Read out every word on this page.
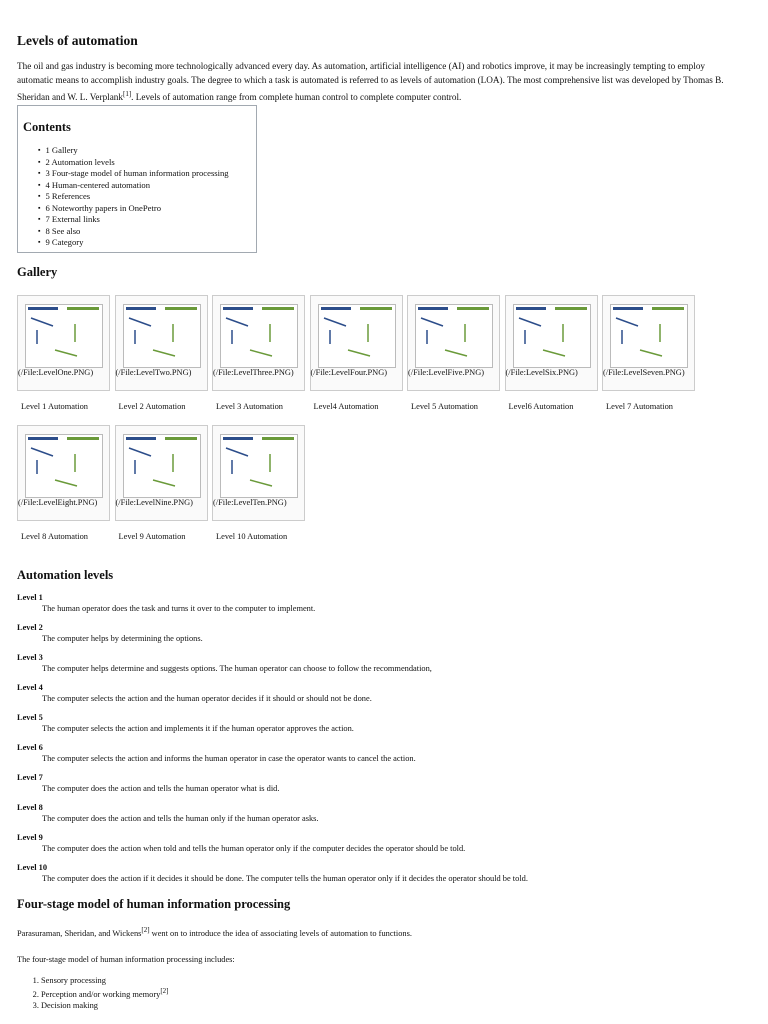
Levels of automation

The oil and gas industry is becoming more technologically advanced every day. As automation, artificial intelligence (AI) and robotics improve, it may be increasingly tempting to employ automatic means to accomplish industry goals. The degree to which a task is automated is referred to as levels of automation (LOA). The most comprehensive list was developed by Thomas B. Sheridan and W. L. Verplank[1]. Levels of automation range from complete human control to complete computer control.

Contents
▪ 1 Gallery
▪ 2 Automation levels
▪ 3 Four-stage model of human information processing
▪ 4 Human-centered automation
▪ 5 References
▪ 6 Noteworthy papers in OnePetro
▪ 7 External links
▪ 8 See also
▪ 9 Category
Gallery
(/File:LevelOne.PNG)
Level 1 Automation
(/File:LevelTwo.PNG)
Level 2 Automation
(/File:LevelThree.PNG)
Level 3 Automation
(/File:LevelFour.PNG)
Level4 Automation
(/File:LevelFive.PNG)
Level 5 Automation
(/File:LevelSix.PNG)
Level6 Automation
(/File:LevelSeven.PNG)
Level 7 Automation
(/File:LevelEight.PNG)
Level 8 Automation
(/File:LevelNine.PNG)
Level 9 Automation
(/File:LevelTen.PNG)
Level 10 Automation
Automation levels
Level 1
The human operator does the task and turns it over to the computer to implement.
Level 2
The computer helps by determining the options.
Level 3
The computer helps determine and suggests options. The human operator can choose to follow the recommendation,
Level 4
The computer selects the action and the human operator decides if it should or should not be done.
Level 5
The computer selects the action and implements it if the human operator approves the action.
Level 6
The computer selects the action and informs the human operator in case the operator wants to cancel the action.
Level 7
The computer does the action and tells the human operator what is did.
Level 8
The computer does the action and tells the human only if the human operator asks.
Level 9
The computer does the action when told and tells the human operator only if the computer decides the operator should be told.
Level 10
The computer does the action if it decides it should be done. The computer tells the human operator only if it decides the operator should be told.
Four-stage model of human information processing

Parasuraman, Sheridan, and Wickens[2] went on to introduce the idea of associating levels of automation to functions.

The four-stage model of human information processing includes:

1. Sensory processing
2. Perception and/or working memory[2]
3. Decision making
